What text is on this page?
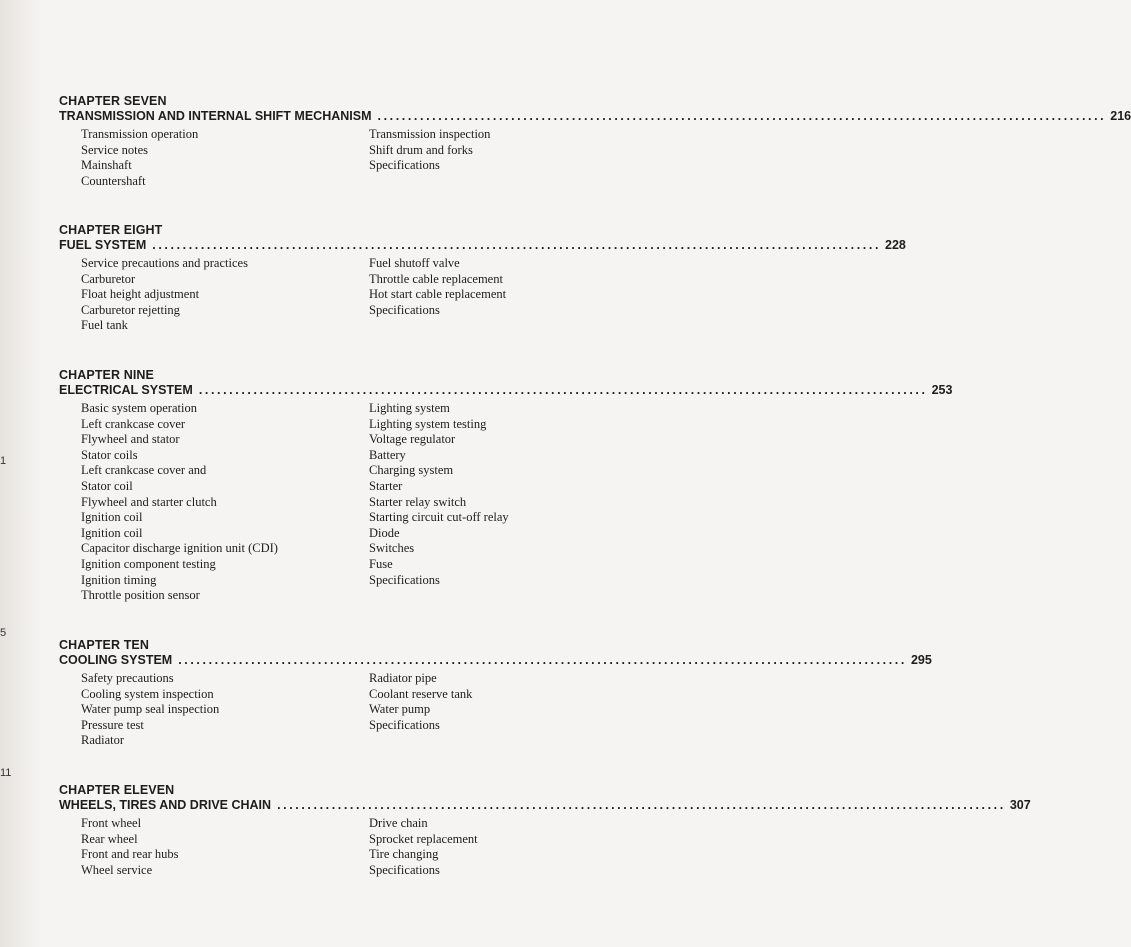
1
5
11
CHAPTER SEVEN
TRANSMISSION AND INTERNAL SHIFT MECHANISM ........................................................................................................................ 216
Transmission operation
Service notes
Mainshaft
Countershaft
Transmission inspection
Shift drum and forks
Specifications
CHAPTER EIGHT
FUEL SYSTEM ........................................................................................................................ 228
Service precautions and practices
Carburetor
Float height adjustment
Carburetor rejetting
Fuel tank
Fuel shutoff valve
Throttle cable replacement
Hot start cable replacement
Specifications
CHAPTER NINE
ELECTRICAL SYSTEM ........................................................................................................................ 253
Basic system operation
Left crankcase cover
Flywheel and stator
Stator coils
Left crankcase cover and
Stator coil
Flywheel and starter clutch
Ignition coil
Ignition coil
Capacitor discharge ignition unit (CDI)
Ignition component testing
Ignition timing
Throttle position sensor
Lighting system
Lighting system testing
Voltage regulator
Battery
Charging system
Starter
Starter relay switch
Starting circuit cut-off relay
Diode
Switches
Fuse
Specifications
CHAPTER TEN
COOLING SYSTEM ........................................................................................................................ 295
Safety precautions
Cooling system inspection
Water pump seal inspection
Pressure test
Radiator
Radiator pipe
Coolant reserve tank
Water pump
Specifications
CHAPTER ELEVEN
WHEELS, TIRES AND DRIVE CHAIN ........................................................................................................................ 307
Front wheel
Rear wheel
Front and rear hubs
Wheel service
Drive chain
Sprocket replacement
Tire changing
Specifications
